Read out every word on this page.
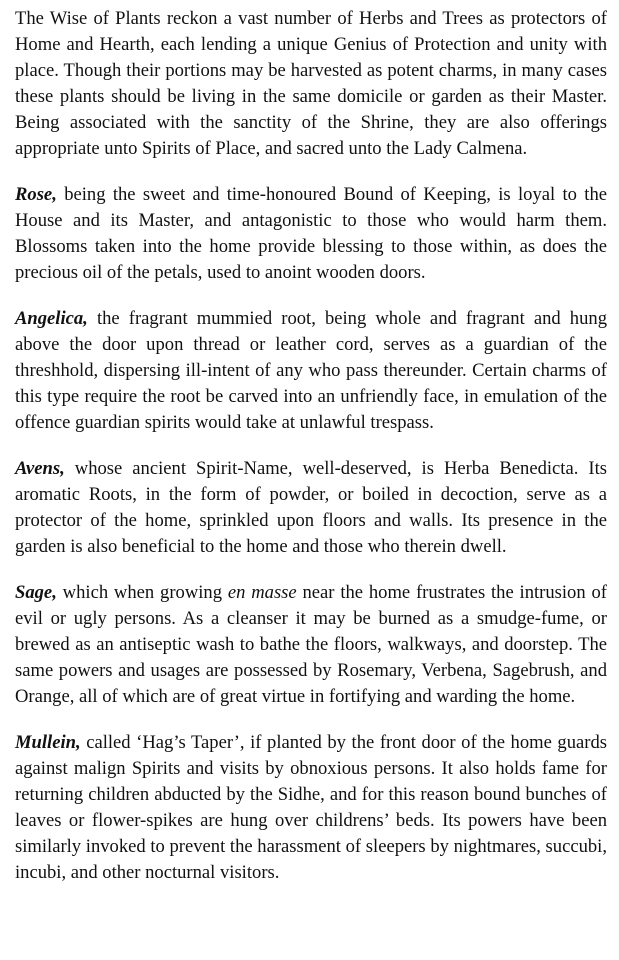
The Wise of Plants reckon a vast number of Herbs and Trees as protectors of Home and Hearth, each lending a unique Genius of Protection and unity with place. Though their portions may be harvested as potent charms, in many cases these plants should be living in the same domicile or garden as their Master. Being associated with the sanctity of the Shrine, they are also offerings appropriate unto Spirits of Place, and sacred unto the Lady Calmena.

Rose, being the sweet and time-honoured Bound of Keeping, is loyal to the House and its Master, and antagonistic to those who would harm them. Blossoms taken into the home provide blessing to those within, as does the precious oil of the petals, used to anoint wooden doors.

Angelica, the fragrant mummied root, being whole and fragrant and hung above the door upon thread or leather cord, serves as a guardian of the threshhold, dispersing ill-intent of any who pass thereunder. Certain charms of this type require the root be carved into an unfriendly face, in emulation of the offence guardian spirits would take at unlawful trespass.

Avens, whose ancient Spirit-Name, well-deserved, is Herba Benedicta. Its aromatic Roots, in the form of powder, or boiled in decoction, serve as a protector of the home, sprinkled upon floors and walls. Its presence in the garden is also beneficial to the home and those who therein dwell.

Sage, which when growing en masse near the home frustrates the intrusion of evil or ugly persons. As a cleanser it may be burned as a smudge-fume, or brewed as an antiseptic wash to bathe the floors, walkways, and doorstep. The same powers and usages are possessed by Rosemary, Verbena, Sagebrush, and Orange, all of which are of great virtue in fortifying and warding the home.

Mullein, called ‘Hag’s Taper’, if planted by the front door of the home guards against malign Spirits and visits by obnoxious persons. It also holds fame for returning children abducted by the Sidhe, and for this reason bound bunches of leaves or flower-spikes are hung over childrens’ beds. Its powers have been similarly invoked to prevent the harassment of sleepers by nightmares, succubi, incubi, and other nocturnal visitors.
